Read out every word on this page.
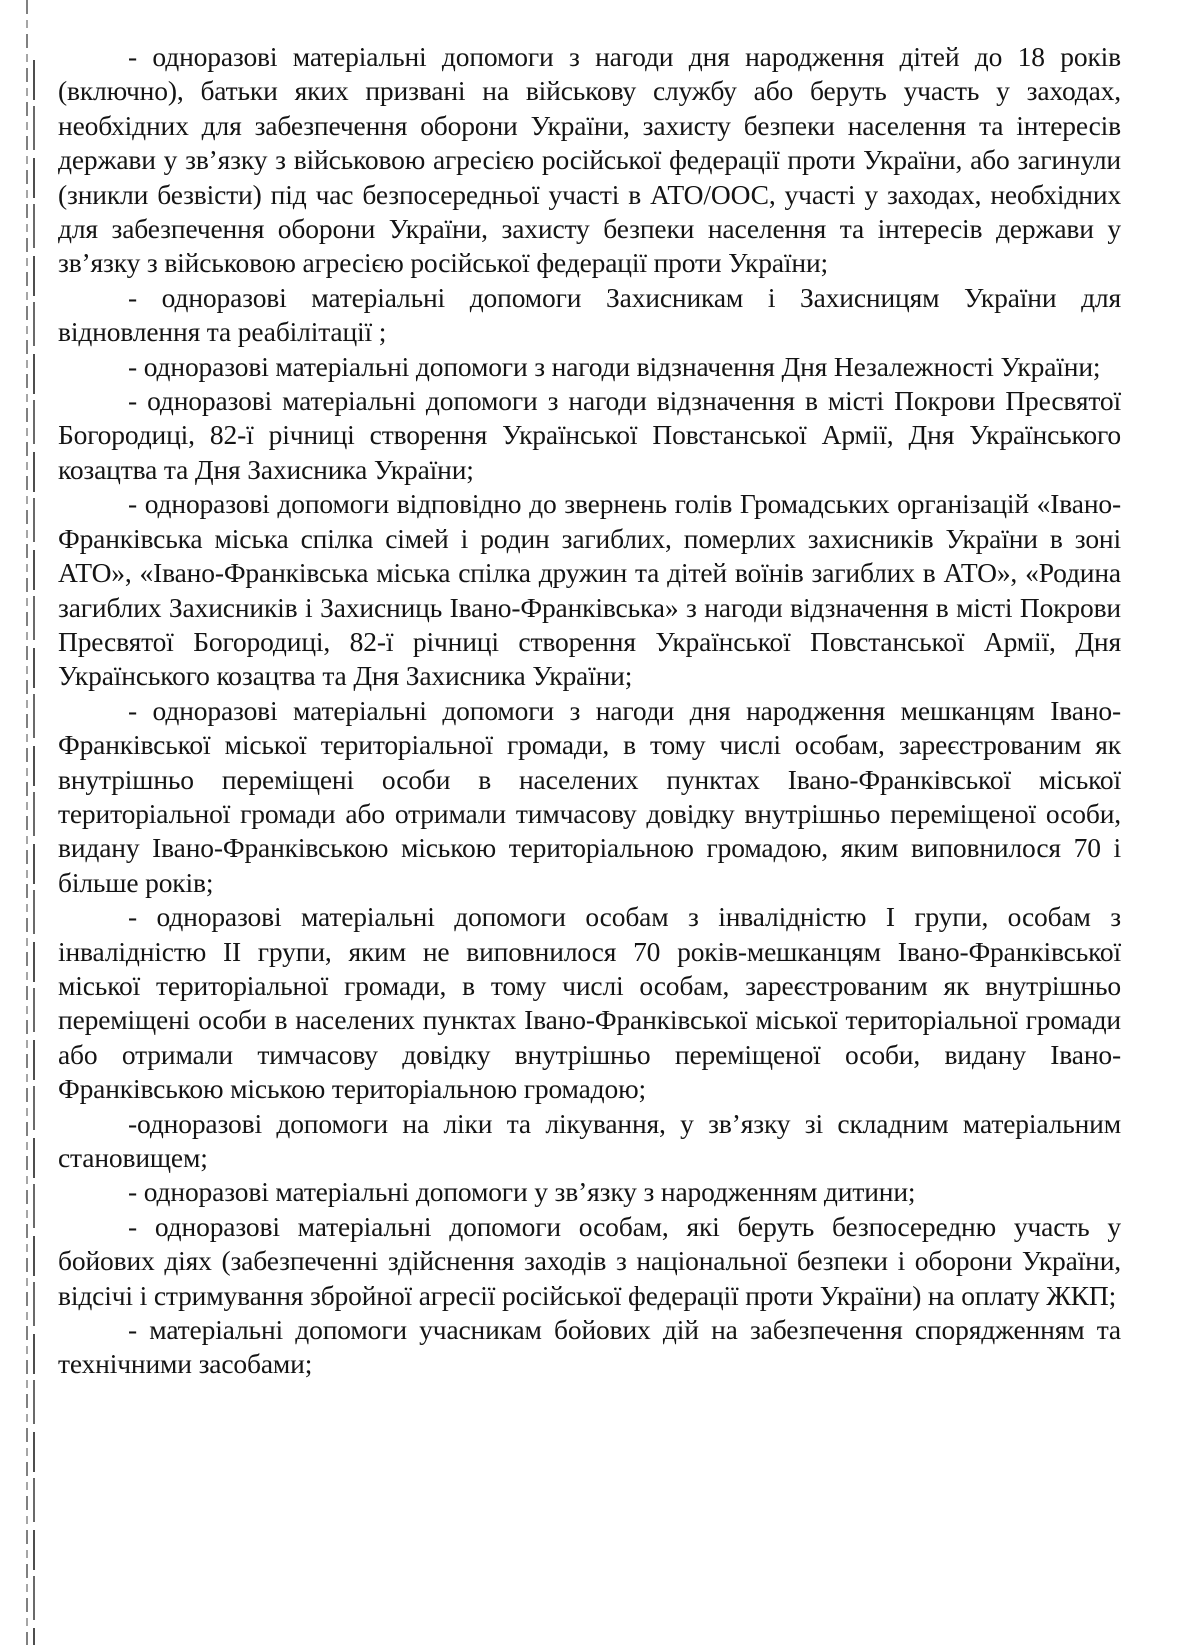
- одноразові матеріальні допомоги з нагоди дня народження дітей до 18 років (включно), батьки яких призвані на військову службу або беруть участь у заходах, необхідних для забезпечення оборони України, захисту безпеки населення та інтересів держави у зв’язку з військовою агресією російської федерації проти України, або загинули (зникли безвісти) під час безпосередньої участі в АТО/ООС, участі у заходах, необхідних для забезпечення оборони України, захисту безпеки населення та інтересів держави у зв’язку з військовою агресією російської федерації проти України;

- одноразові матеріальні допомоги Захисникам і Захисницям України для відновлення та реабілітації ;

- одноразові матеріальні допомоги з нагоди відзначення Дня Незалежності України;

- одноразові матеріальні допомоги з нагоди відзначення в місті Покрови Пресвятої Богородиці, 82-ї річниці створення Української Повстанської Армії, Дня Українського козацтва та Дня Захисника України;

- одноразові допомоги відповідно до звернень голів Громадських організацій «Івано-Франківська міська спілка сімей і родин загиблих, померлих захисників України в зоні АТО», «Івано-Франківська міська спілка дружин та дітей воїнів загиблих в АТО», «Родина загиблих Захисників і Захисниць Івано-Франківська» з нагоди відзначення в місті Покрови Пресвятої Богородиці, 82-ї річниці створення Української Повстанської Армії, Дня Українського козацтва та Дня Захисника України;

- одноразові матеріальні допомоги з нагоди дня народження мешканцям Івано-Франківської міської територіальної громади, в тому числі особам, зареєстрованим як внутрішньо переміщені особи в населених пунктах Івано-Франківської міської територіальної громади або отримали тимчасову довідку внутрішньо переміщеної особи, видану Івано-Франківською міською територіальною громадою, яким виповнилося 70 і більше років;

- одноразові матеріальні допомоги особам з інвалідністю I групи, особам з інвалідністю II групи, яким не виповнилося 70 років-мешканцям Івано-Франківської міської територіальної громади, в тому числі особам, зареєстрованим як внутрішньо переміщені особи в населених пунктах Івано-Франківської міської територіальної громади або отримали тимчасову довідку внутрішньо переміщеної особи, видану Івано-Франківською міською територіальною громадою;

-одноразові допомоги на ліки та лікування, у зв’язку зі складним матеріальним становищем;

- одноразові матеріальні допомоги у зв’язку з народженням дитини;

- одноразові матеріальні допомоги особам, які беруть безпосередню участь у бойових діях (забезпеченні здійснення заходів з національної безпеки і оборони України, відсічі і стримування збройної агресії російської федерації проти України) на оплату ЖКП;

- матеріальні допомоги учасникам бойових дій на забезпечення спорядженням та технічними засобами;
